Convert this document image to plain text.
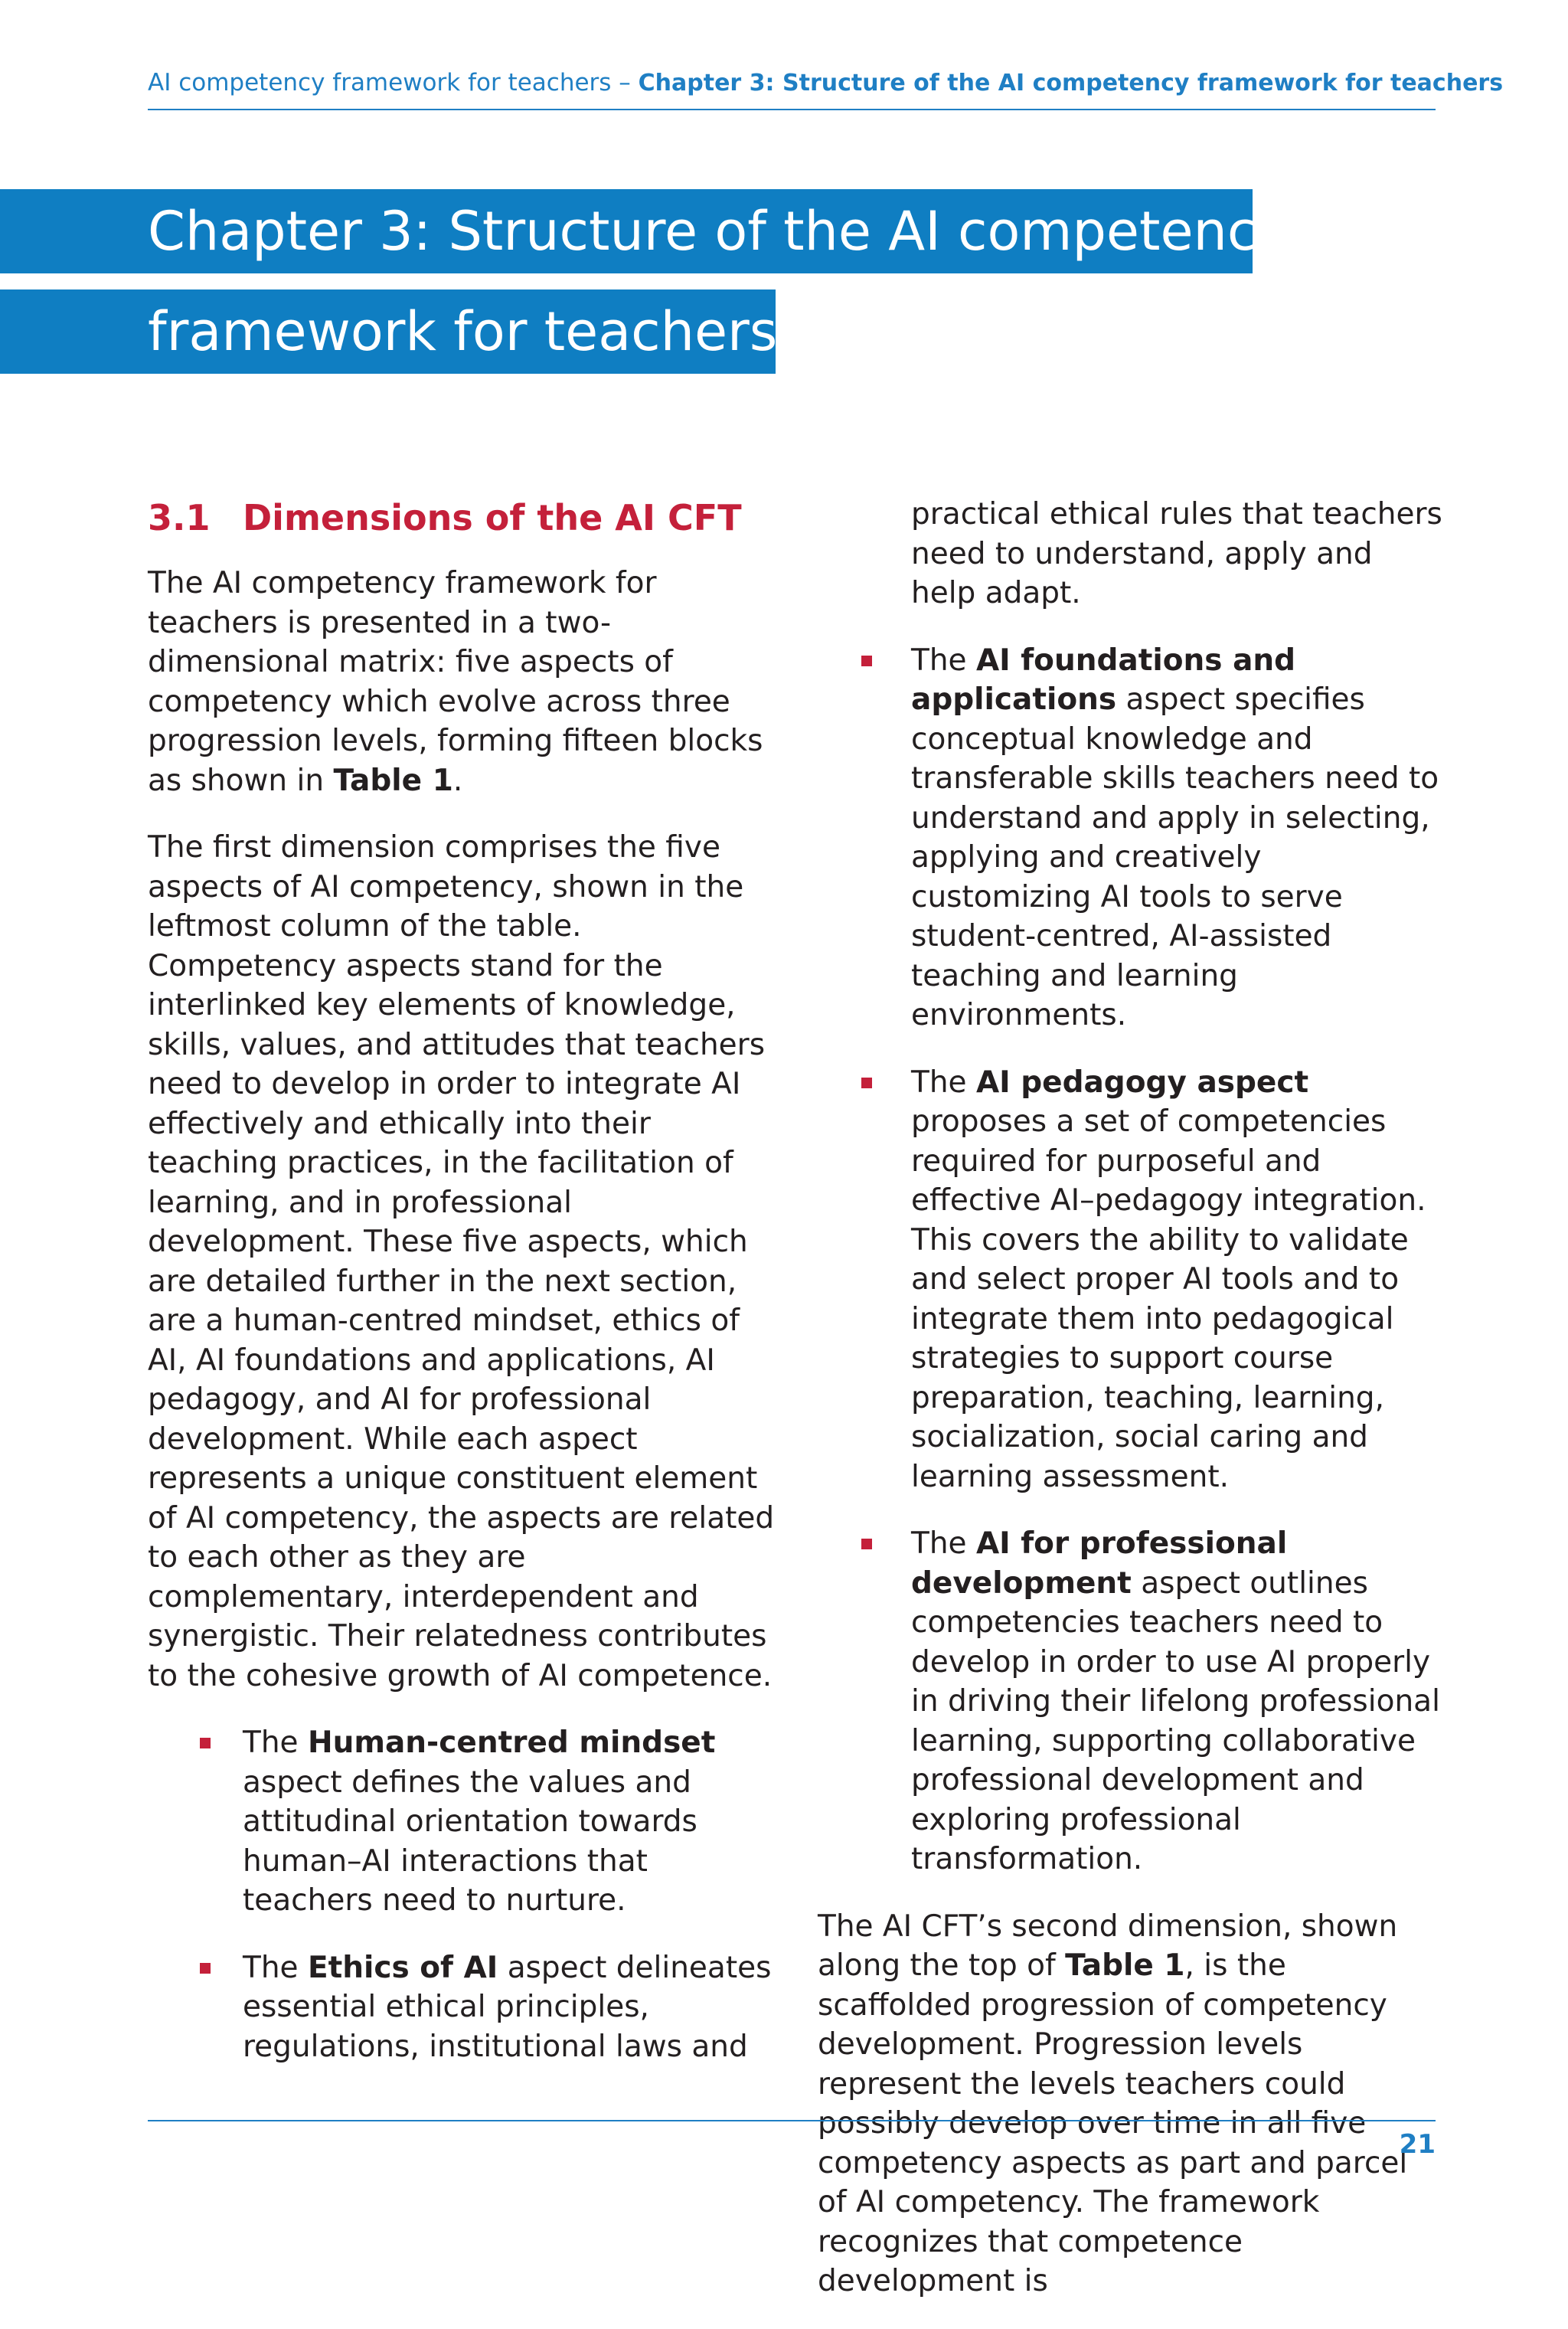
AI competency framework for teachers – Chapter 3: Structure of the AI competency framework for teachers
Chapter 3: Structure of the AI competency
framework for teachers
3.1 Dimensions of the AI CFT

The AI competency framework for teachers is presented in a two-dimensional matrix: five aspects of competency which evolve across three progression levels, forming fifteen blocks as shown in Table 1.

The first dimension comprises the five aspects of AI competency, shown in the leftmost column of the table. Competency aspects stand for the interlinked key elements of knowledge, skills, values, and attitudes that teachers need to develop in order to integrate AI effectively and ethically into their teaching practices, in the facilitation of learning, and in professional development. These five aspects, which are detailed further in the next section, are a human-centred mindset, ethics of AI, AI foundations and applications, AI pedagogy, and AI for professional development. While each aspect represents a unique constituent element of AI competency, the aspects are related to each other as they are complementary, interdependent and synergistic. Their relatedness contributes to the cohesive growth of AI competence.

The Human-centred mindset aspect defines the values and attitudinal orientation towards human–AI interactions that teachers need to nurture.
The Ethics of AI aspect delineates essential ethical principles, regulations, institutional laws and
practical ethical rules that teachers need to understand, apply and help adapt.
The AI foundations and applications aspect specifies conceptual knowledge and transferable skills teachers need to understand and apply in selecting, applying and creatively customizing AI tools to serve student-centred, AI-assisted teaching and learning environments.
The AI pedagogy aspect proposes a set of competencies required for purposeful and effective AI–pedagogy integration. This covers the ability to validate and select proper AI tools and to integrate them into pedagogical strategies to support course preparation, teaching, learning, socialization, social caring and learning assessment.
The AI for professional development aspect outlines competencies teachers need to develop in order to use AI properly in driving their lifelong professional learning, supporting collaborative professional development and exploring professional transformation.

The AI CFT’s second dimension, shown along the top of Table 1, is the scaffolded progression of competency development. Progression levels represent the levels teachers could possibly develop over time in all five competency aspects as part and parcel of AI competency. The framework recognizes that competence development is

21
